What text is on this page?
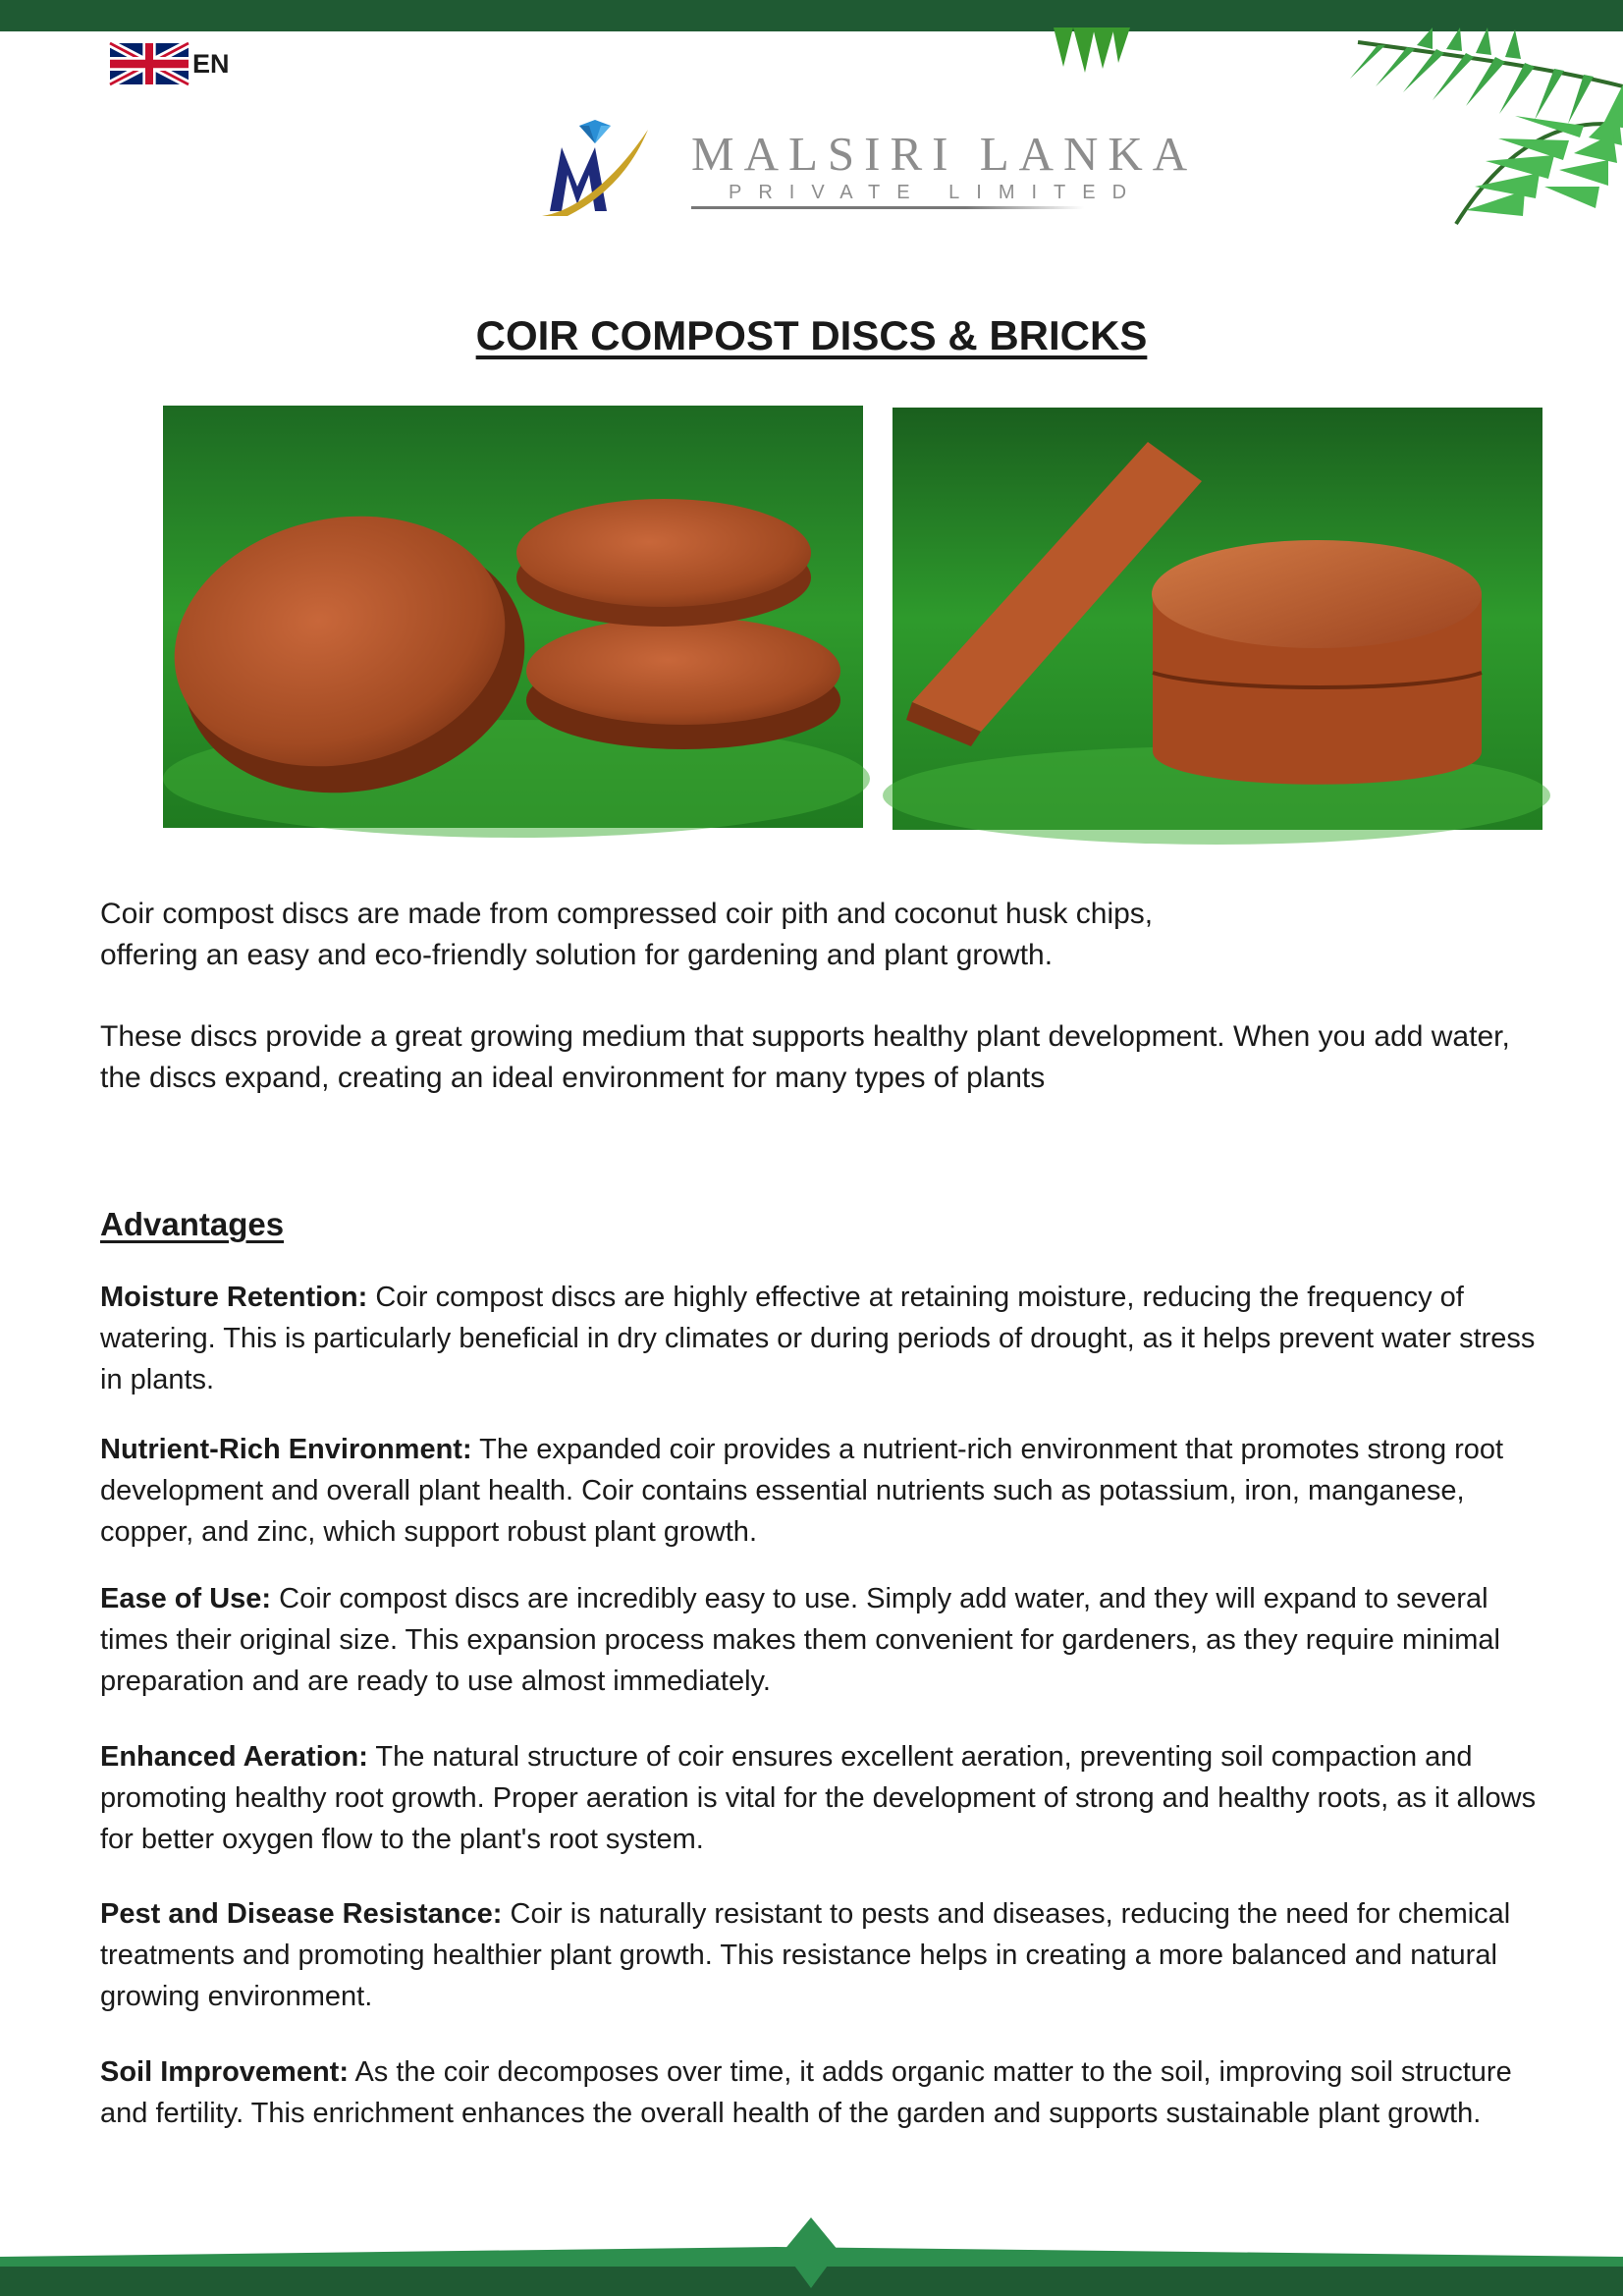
EN
MALSIRI LANKA
PRIVATE LIMITED
COIR COMPOST DISCS & BRICKS
Coir compost discs are made from compressed coir pith and coconut husk chips,
offering an easy and eco-friendly solution for gardening and plant growth.

These discs provide a great growing medium that supports healthy plant development. When you add water, the discs expand, creating an ideal environment for many types of plants

Advantages

Moisture Retention: Coir compost discs are highly effective at retaining moisture, reducing the frequency of watering. This is particularly beneficial in dry climates or during periods of drought, as it helps prevent water stress in plants.

Nutrient-Rich Environment: The expanded coir provides a nutrient-rich environment that promotes strong root development and overall plant health. Coir contains essential nutrients such as potassium, iron, manganese, copper, and zinc, which support robust plant growth.

Ease of Use: Coir compost discs are incredibly easy to use. Simply add water, and they will expand to several times their original size. This expansion process makes them convenient for gardeners, as they require minimal preparation and are ready to use almost immediately.

Enhanced Aeration: The natural structure of coir ensures excellent aeration, preventing soil compaction and promoting healthy root growth. Proper aeration is vital for the development of strong and healthy roots, as it allows for better oxygen flow to the plant's root system.

Pest and Disease Resistance: Coir is naturally resistant to pests and diseases, reducing the need for chemical treatments and promoting healthier plant growth. This resistance helps in creating a more balanced and natural growing environment.

Soil Improvement: As the coir decomposes over time, it adds organic matter to the soil, improving soil structure and fertility. This enrichment enhances the overall health of the garden and supports sustainable plant growth.
